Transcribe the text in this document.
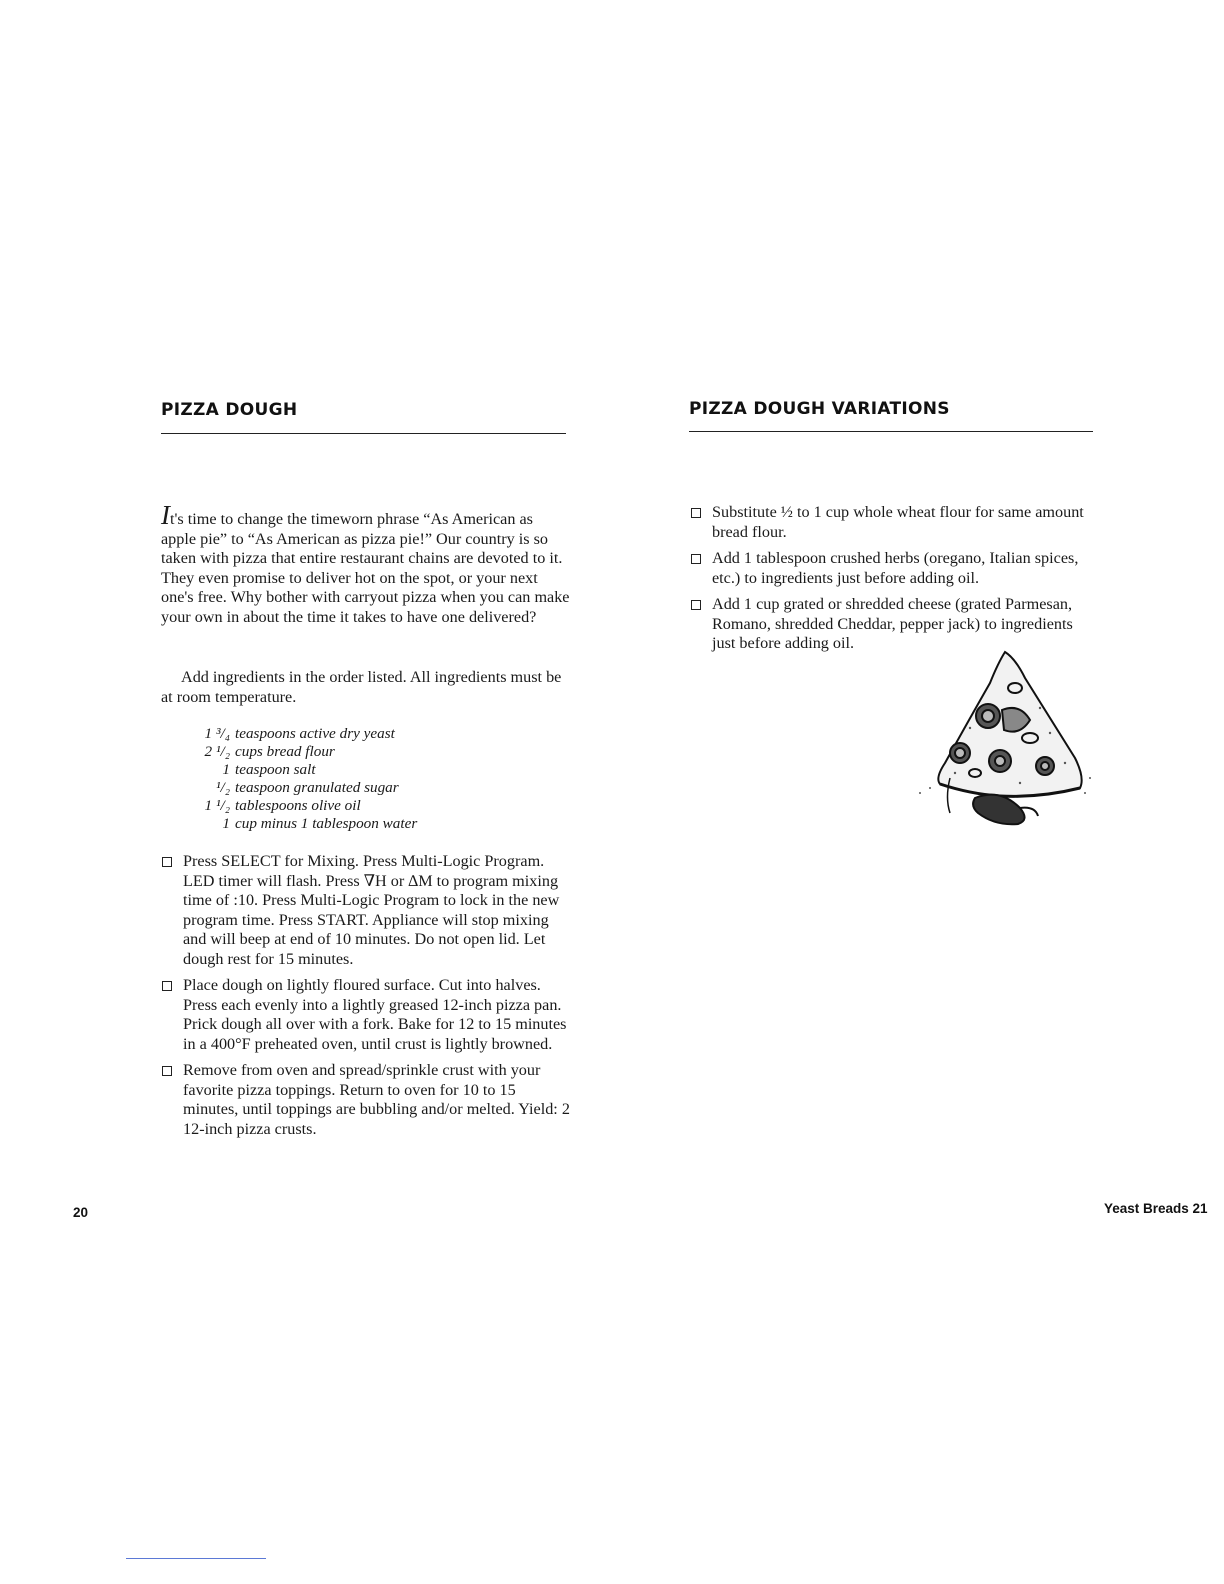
PIZZA DOUGH

It's time to change the timeworn phrase “As American as apple pie” to “As American as pizza pie!” Our country is so taken with pizza that entire restaurant chains are devoted to it. They even promise to deliver hot on the spot, or your next one's free. Why bother with carryout pizza when you can make your own in about the time it takes to have one delivered?

Add ingredients in the order listed. All ingredients must be at room temperature.

1 ³/₄ teaspoons active dry yeast
2 ¹/₂ cups bread flour
1 teaspoon salt
¹/₂ teaspoon granulated sugar
1 ¹/₂ tablespoons olive oil
1 cup minus 1 tablespoon water
Press SELECT for Mixing. Press Multi-Logic Program. LED timer will flash. Press ∇H or ∆M to program mixing time of :10. Press Multi-Logic Program to lock in the new program time. Press START. Appliance will stop mixing and will beep at end of 10 minutes. Do not open lid. Let dough rest for 15 minutes.
Place dough on lightly floured surface. Cut into halves. Press each evenly into a lightly greased 12-inch pizza pan. Prick dough all over with a fork. Bake for 12 to 15 minutes in a 400°F preheated oven, until crust is lightly browned.
Remove from oven and spread/sprinkle crust with your favorite pizza toppings. Return to oven for 10 to 15 minutes, until toppings are bubbling and/or melted. Yield: 2 12-inch pizza crusts.
20
PIZZA DOUGH VARIATIONS
Substitute ½ to 1 cup whole wheat flour for same amount bread flour.
Add 1 tablespoon crushed herbs (oregano, Italian spices, etc.) to ingredients just before adding oil.
Add 1 cup grated or shredded cheese (grated Parmesan, Romano, shredded Cheddar, pepper jack) to ingredients just before adding oil.
Yeast Breads 21
